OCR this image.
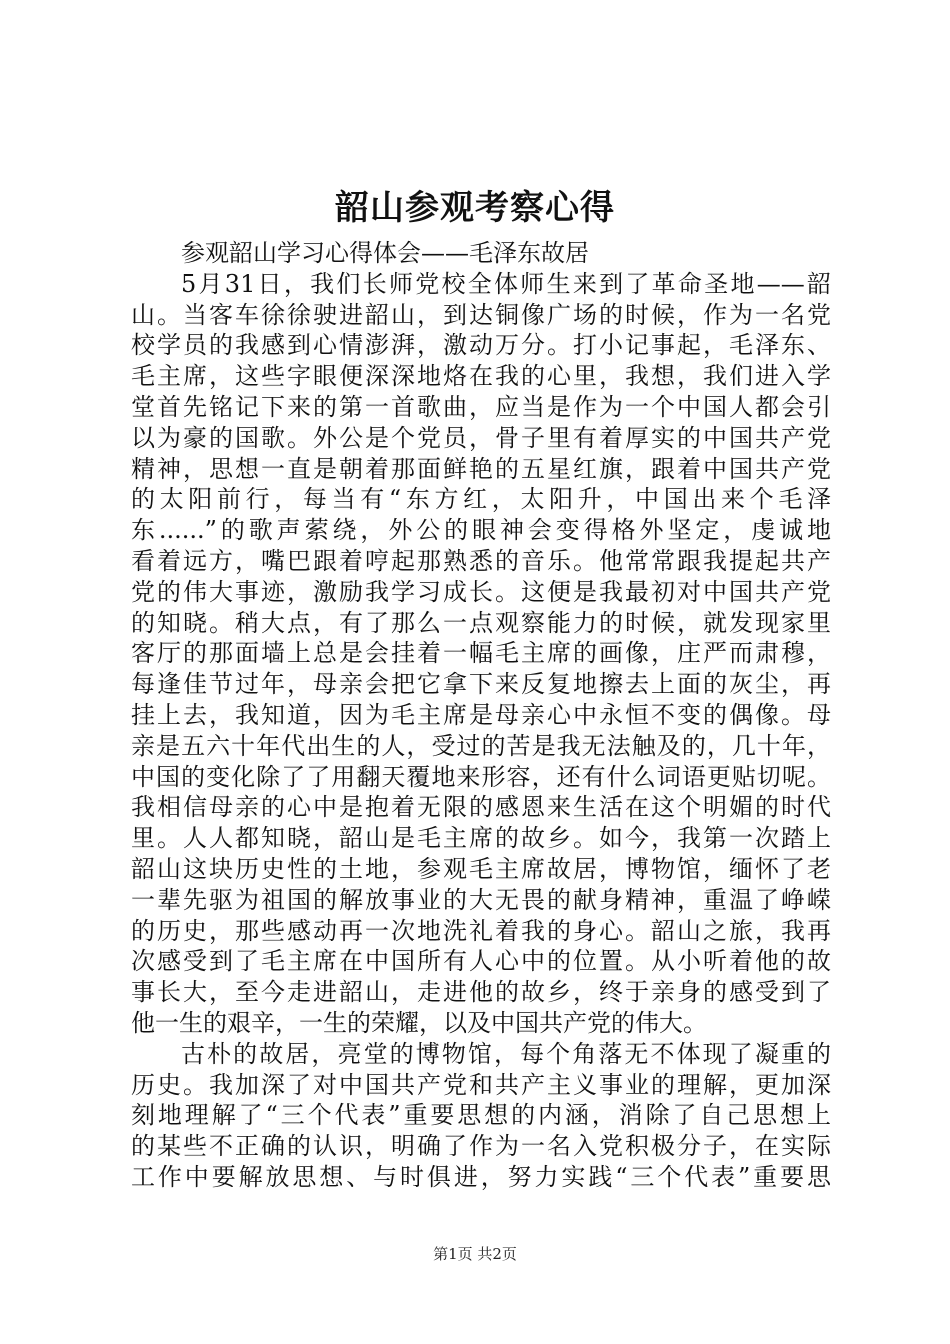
韶山参观考察心得
参观韶山学习心得体会——毛泽东故居
5月31日，我们长师党校全体师生来到了革命圣地——韶
山。当客车徐徐驶进韶山，到达铜像广场的时候，作为一名党
校学员的我感到心情澎湃，激动万分。打小记事起，毛泽东、
毛主席，这些字眼便深深地烙在我的心里，我想，我们进入学
堂首先铭记下来的第一首歌曲，应当是作为一个中国人都会引
以为豪的国歌。外公是个党员，骨子里有着厚实的中国共产党
精神，思想一直是朝着那面鲜艳的五星红旗，跟着中国共产党
的太阳前行，每当有“东方红，太阳升，中国出来个毛泽
东......”的歌声萦绕，外公的眼神会变得格外坚定，虔诚地
看着远方，嘴巴跟着哼起那熟悉的音乐。他常常跟我提起共产
党的伟大事迹，激励我学习成长。这便是我最初对中国共产党
的知晓。稍大点，有了那么一点观察能力的时候，就发现家里
客厅的那面墙上总是会挂着一幅毛主席的画像，庄严而肃穆，
每逢佳节过年，母亲会把它拿下来反复地擦去上面的灰尘，再
挂上去，我知道，因为毛主席是母亲心中永恒不变的偶像。母
亲是五六十年代出生的人，受过的苦是我无法触及的，几十年，
中国的变化除了了用翻天覆地来形容，还有什么词语更贴切呢。
我相信母亲的心中是抱着无限的感恩来生活在这个明媚的时代
里。人人都知晓，韶山是毛主席的故乡。如今，我第一次踏上
韶山这块历史性的土地，参观毛主席故居，博物馆，缅怀了老
一辈先驱为祖国的解放事业的大无畏的献身精神，重温了峥嵘
的历史，那些感动再一次地洗礼着我的身心。韶山之旅，我再
次感受到了毛主席在中国所有人心中的位置。从小听着他的故
事长大，至今走进韶山，走进他的故乡，终于亲身的感受到了
他一生的艰辛，一生的荣耀，以及中国共产党的伟大。
古朴的故居，亮堂的博物馆，每个角落无不体现了凝重的
历史。我加深了对中国共产党和共产主义事业的理解，更加深
刻地理解了“三个代表”重要思想的内涵，消除了自己思想上
的某些不正确的认识，明确了作为一名入党积极分子，在实际
工作中要解放思想、与时俱进，努力实践“三个代表”重要思
第1页 共2页
